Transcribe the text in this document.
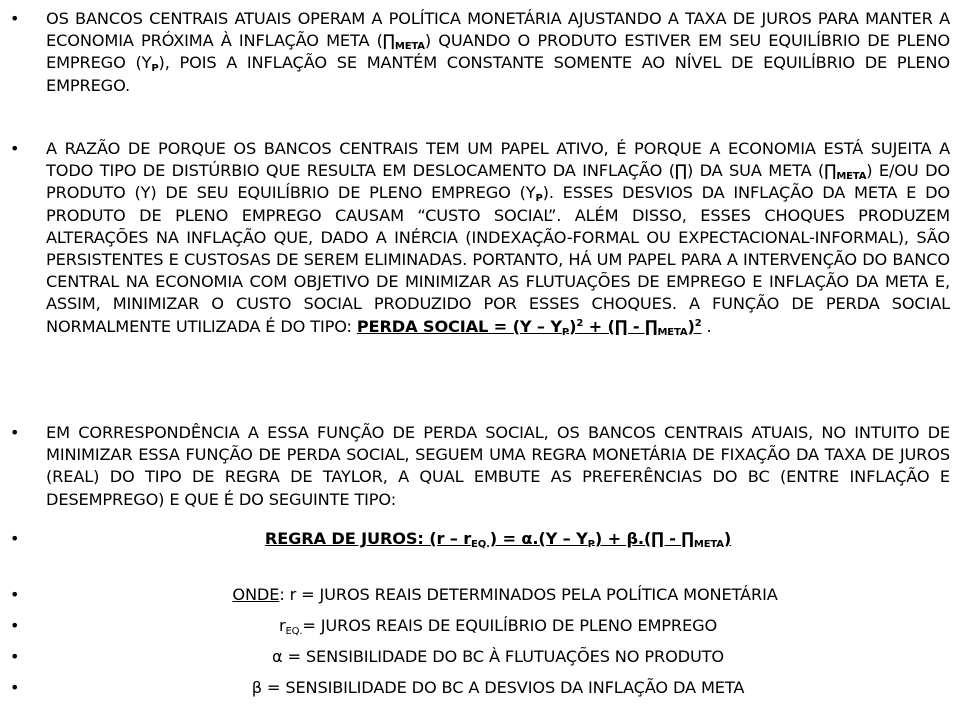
•
OS BANCOS CENTRAIS ATUAIS OPERAM A POLÍTICA MONETÁRIA AJUSTANDO A TAXA DE JUROS PARA MANTER A ECONOMIA PRÓXIMA À INFLAÇÃO META $(\prod_{META})$ QUANDO O PRODUTO ESTIVER EM SEU EQUILÍBRIO DE PLENO EMPREGO $(Y_P)$, POIS A INFLAÇÃO SE MANTÉM CONSTANTE SOMENTE AO NÍVEL DE EQUILÍBRIO DE PLENO EMPREGO.
•
A RAZÃO DE PORQUE OS BANCOS CENTRAIS TEM UM PAPEL ATIVO, É PORQUE A ECONOMIA ESTÁ SUJEITA A TODO TIPO DE DISTÚRBIO QUE RESULTA EM DESLOCAMENTO DA INFLAÇÃO (∏) DA SUA META $(\prod_{META})$ E/OU DO PRODUTO (Y) DE SEU EQUILÍBRIO DE PLENO EMPREGO $(Y_P)$. ESSES DESVIOS DA INFLAÇÃO DA META E DO PRODUTO DE PLENO EMPREGO CAUSAM “CUSTO SOCIAL”. ALÉM DISSO, ESSES CHOQUES PRODUZEM ALTERAÇÕES NA INFLAÇÃO QUE, DADO A INÉRCIA (INDEXAÇÃO-FORMAL OU EXPECTACIONAL-INFORMAL), SÃO PERSISTENTES E CUSTOSAS DE SEREM ELIMINADAS. PORTANTO, HÁ UM PAPEL PARA A INTERVENÇÃO DO BANCO CENTRAL NA ECONOMIA COM OBJETIVO DE MINIMIZAR AS FLUTUAÇÕES DE EMPREGO E INFLAÇÃO DA META E, ASSIM, MINIMIZAR O CUSTO SOCIAL PRODUZIDO POR ESSES CHOQUES. A FUNÇÃO DE PERDA SOCIAL NORMALMENTE UTILIZADA É DO TIPO: PERDA SOCIAL = $(Y - Y_P)^2$ + (∏ - $\prod_{META})^2$ .
•
EM CORRESPONDÊNCIA A ESSA FUNÇÃO DE PERDA SOCIAL, OS BANCOS CENTRAIS ATUAIS, NO INTUITO DE MINIMIZAR ESSA FUNÇÃO DE PERDA SOCIAL, SEGUEM UMA REGRA MONETÁRIA DE FIXAÇÃO DA TAXA DE JUROS (REAL) DO TIPO DE REGRA DE TAYLOR, A QUAL EMBUTE AS PREFERÊNCIAS DO BC (ENTRE INFLAÇÃO E DESEMPREGO) E QUE É DO SEGUINTE TIPO:
•
REGRA DE JUROS: $(r - r_{EQ.}) = \alpha.(Y - Y_P)$ + β.(∏ - $\prod_{META}$)
•
ONDE: r = JUROS REAIS DETERMINADOS PELA POLÍTICA MONETÁRIA
•
$r_{EQ.}=$ JUROS REAIS DE EQUILÍBRIO DE PLENO EMPREGO
•
α = SENSIBILIDADE DO BC À FLUTUAÇÕES NO PRODUTO
•
β = SENSIBILIDADE DO BC A DESVIOS DA INFLAÇÃO DA META
